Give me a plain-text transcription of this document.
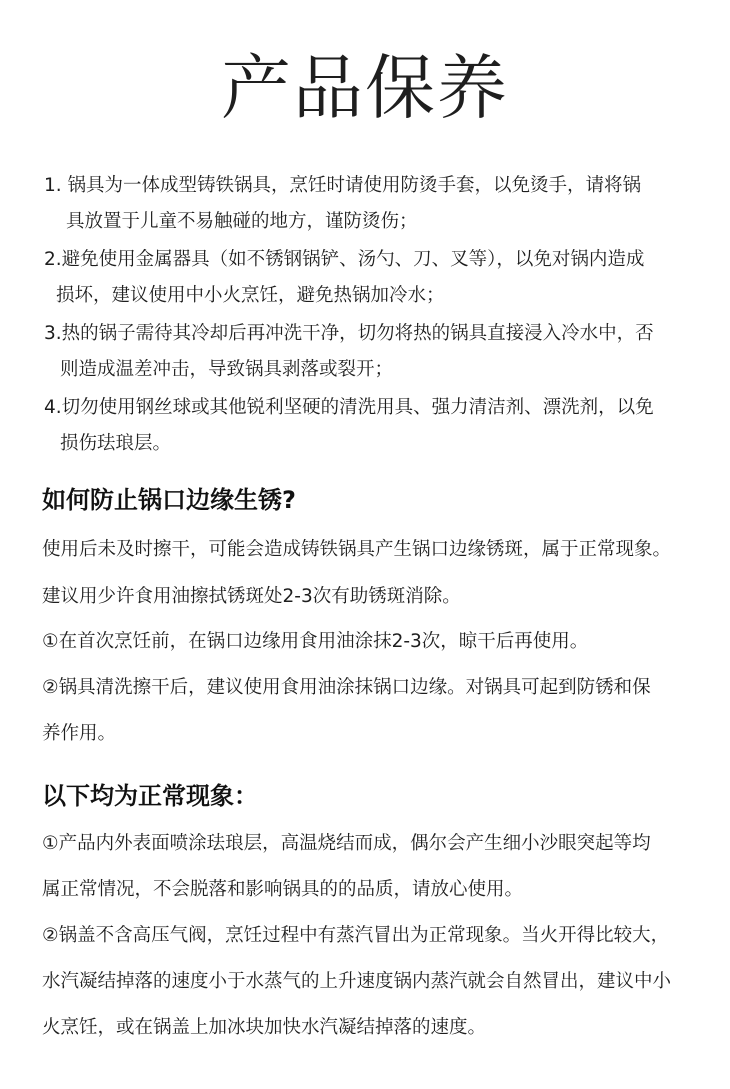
产品保养
1. 锅具为一体成型铸铁锅具，烹饪时请使用防烫手套，以免烫手，请将锅
具放置于儿童不易触碰的地方，谨防烫伤；
2.避免使用金属器具（如不锈钢锅铲、汤勺、刀、叉等），以免对锅内造成
损坏，建议使用中小火烹饪，避免热锅加冷水；
3.热的锅子需待其冷却后再冲洗干净，切勿将热的锅具直接浸入冷水中，否
则造成温差冲击，导致锅具剥落或裂开；
4.切勿使用钢丝球或其他锐利坚硬的清洗用具、强力清洁剂、漂洗剂，以免
损伤珐琅层。
如何防止锅口边缘生锈?
使用后未及时擦干，可能会造成铸铁锅具产生锅口边缘锈斑，属于正常现象。
建议用少许食用油擦拭锈斑处2-3次有助锈斑消除。
①在首次烹饪前，在锅口边缘用食用油涂抹2-3次，晾干后再使用。
②锅具清洗擦干后，建议使用食用油涂抹锅口边缘。对锅具可起到防锈和保
养作用。
以下均为正常现象：
①产品内外表面喷涂珐琅层，高温烧结而成，偶尔会产生细小沙眼突起等均
属正常情况，不会脱落和影响锅具的的品质，请放心使用。
②锅盖不含高压气阀，烹饪过程中有蒸汽冒出为正常现象。当火开得比较大，
水汽凝结掉落的速度小于水蒸气的上升速度锅内蒸汽就会自然冒出，建议中小
火烹饪，或在锅盖上加冰块加快水汽凝结掉落的速度。
